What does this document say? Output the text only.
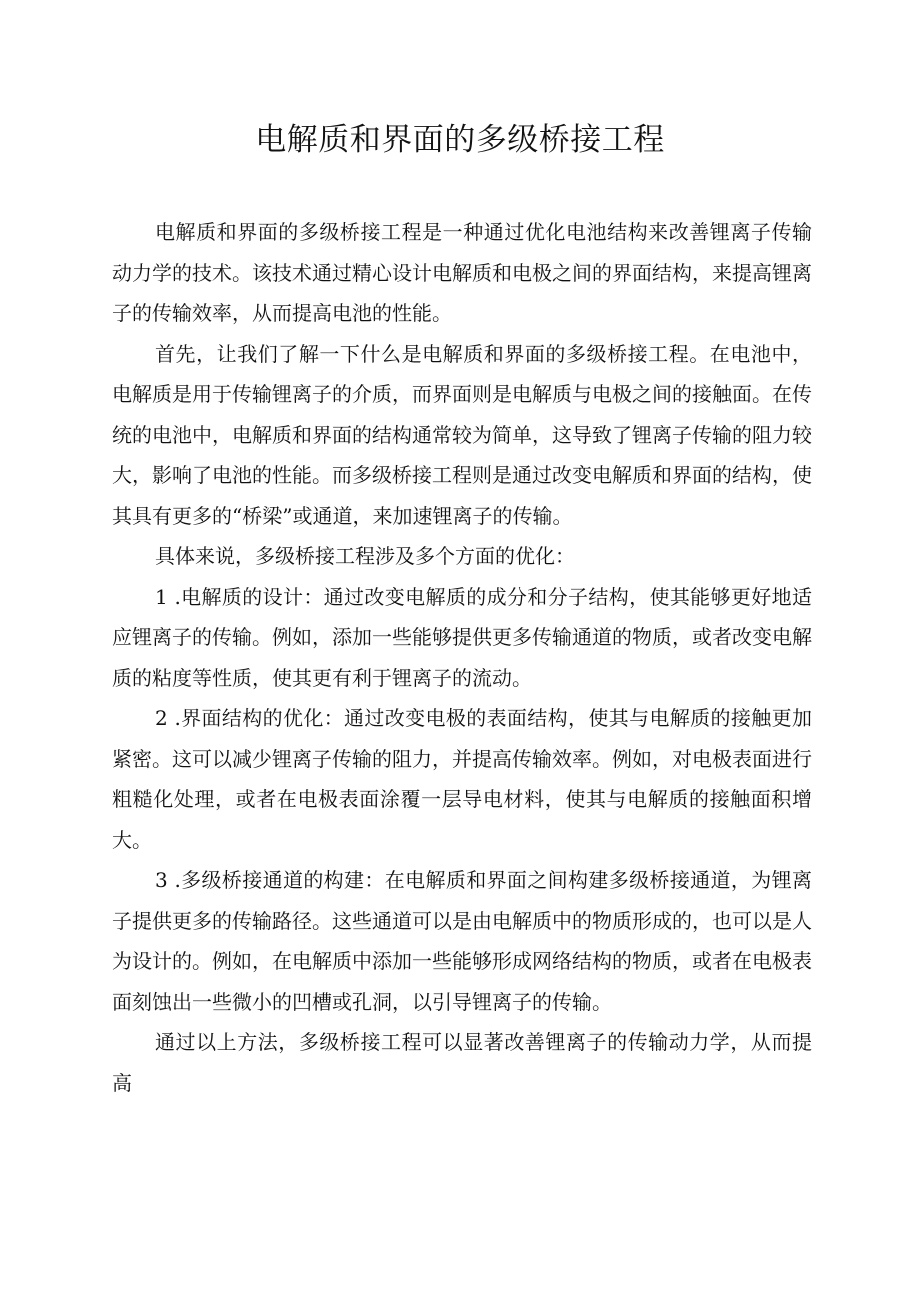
电解质和界面的多级桥接工程

电解质和界面的多级桥接工程是一种通过优化电池结构来改善锂离子传输动力学的技术。该技术通过精心设计电解质和电极之间的界面结构，来提高锂离子的传输效率，从而提高电池的性能。

首先，让我们了解一下什么是电解质和界面的多级桥接工程。在电池中，电解质是用于传输锂离子的介质，而界面则是电解质与电极之间的接触面。在传统的电池中，电解质和界面的结构通常较为简单，这导致了锂离子传输的阻力较大，影响了电池的性能。而多级桥接工程则是通过改变电解质和界面的结构，使其具有更多的“桥梁”或通道，来加速锂离子的传输。

具体来说，多级桥接工程涉及多个方面的优化：

1 .电解质的设计：通过改变电解质的成分和分子结构，使其能够更好地适应锂离子的传输。例如，添加一些能够提供更多传输通道的物质，或者改变电解质的粘度等性质，使其更有利于锂离子的流动。

2 .界面结构的优化：通过改变电极的表面结构，使其与电解质的接触更加紧密。这可以减少锂离子传输的阻力，并提高传输效率。例如，对电极表面进行粗糙化处理，或者在电极表面涂覆一层导电材料，使其与电解质的接触面积增大。

3 .多级桥接通道的构建：在电解质和界面之间构建多级桥接通道，为锂离子提供更多的传输路径。这些通道可以是由电解质中的物质形成的，也可以是人为设计的。例如，在电解质中添加一些能够形成网络结构的物质，或者在电极表面刻蚀出一些微小的凹槽或孔洞，以引导锂离子的传输。

通过以上方法，多级桥接工程可以显著改善锂离子的传输动力学，从而提高
